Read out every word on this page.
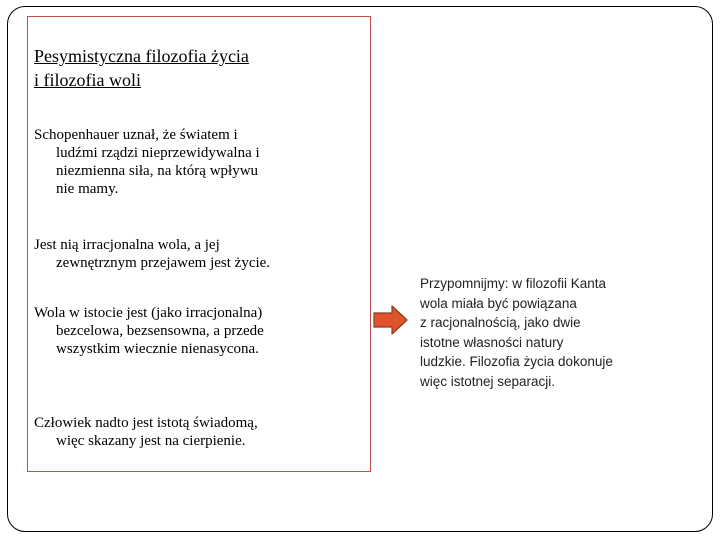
Pesymistyczna filozofia życia
i filozofia woli

Schopenhauer uznał, że światem i
ludźmi rządzi nieprzewidywalna i
niezmienna siła, na którą wpływu
nie mamy.

Jest nią irracjonalna wola, a jej
zewnętrznym przejawem jest życie.

Wola w istocie jest (jako irracjonalna)
bezcelowa, bezsensowna, a przede
wszystkim wiecznie nienasycona.

Człowiek nadto jest istotą świadomą,
więc skazany jest na cierpienie.

Przypomnijmy: w filozofii Kanta
wola miała być powiązana
z racjonalnością, jako dwie
istotne własności natury
ludzkie. Filozofia życia dokonuje
więc istotnej separacji.
